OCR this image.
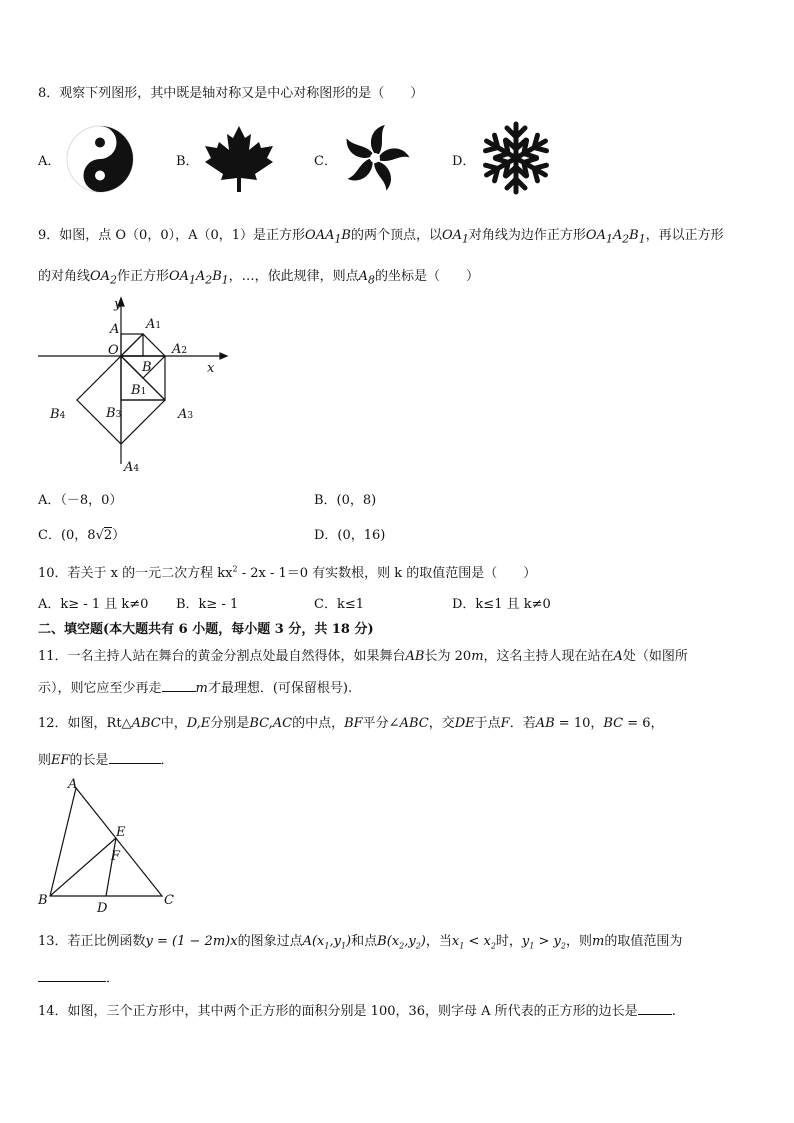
8．观察下列图形，其中既是轴对称又是中心对称图形的是（　　）
A．	B．	C．	D．
9．如图，点 O（0，0），A（0，1）是正方形$OAA_1B$的两个顶点，以$OA_1$对角线为边作正方形$OA_1A_2B_1$，再以正方形
的对角线$OA_2$作正方形$OA_1A_2B_1$，…，依此规律，则点$A_8$的坐标是（　　）
y
x
O
A A1
A2
B
B1
B3	A3
B4
A4
A．（－8，0）	B．(0，8)
C．(0，8√2）	D．(0，16)
10．若关于 x 的一元二次方程 $kx^2 - 2x - 1=0$ 有实数根，则 k 的取值范围是（　　）
A．k≥ - 1 且 k≠0 B．k≥ - 1	C．k≤1	D．k≤1 且 k≠0
二、填空题(本大题共有 6 小题，每小题 3 分，共 18 分)
11．一名主持人站在舞台的黄金分割点处最自然得体，如果舞台AB长为 20m，这名主持人现在站在A处（如图所
示），则它应至少再走	m才最理想．(可保留根号).
12．如图，Rt△ABC中，D,E分别是BC,AC的中点，BF平分∠ABC，交DE于点F．若AB = 10，BC = 6，
则EF的长是	．
A
E
F
B
D
C
13．若正比例函数y = (1 − 2m)x的图象过点$A(x_1,y_1)$和点$B(x_2,y_2)$，当$x_1 < x_2$时，$y_1 > y_2$，则m的取值范围为
．
14．如图，三个正方形中，其中两个正方形的面积分别是 100，36，则字母 A 所代表的正方形的边长是	.
